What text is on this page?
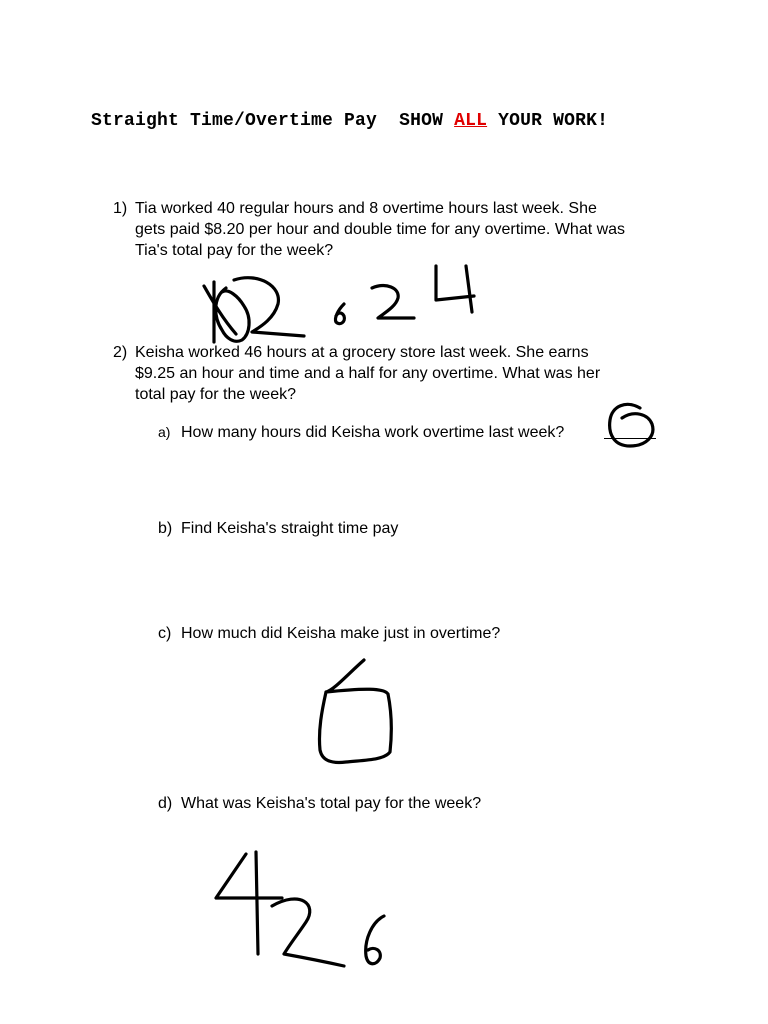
Straight Time/Overtime Pay SHOW ALL YOUR WORK!
1) Tia worked 40 regular hours and 8 overtime hours last week. She
gets paid $8.20 per hour and double time for any overtime. What was
Tia's total pay for the week?
2) Keisha worked 46 hours at a grocery store last week. She earns
$9.25 an hour and time and a half for any overtime. What was her
total pay for the week?
a) How many hours did Keisha work overtime last week?
b) Find Keisha's straight time pay
c) How much did Keisha make just in overtime?
d) What was Keisha's total pay for the week?
